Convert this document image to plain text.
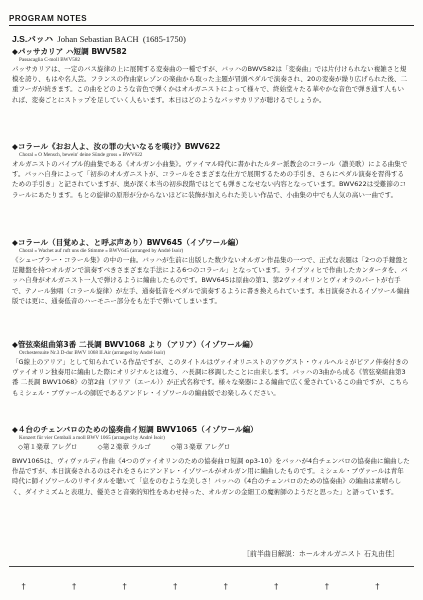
PROGRAM NOTES
J.S.バッハ Johan Sebastian BACH (1685-1750)
◆パッサカリア ハ短調 BWV582
Passacaglia C-moll BWV582
パッサカリアは、一定のバス旋律の上に展開する変奏曲の一種ですが、バッハのBWV582は「変奏曲」では片付けられない複雑さと規模を誇り、もはや名人芸。フランスの作曲家レゾンの楽曲から取った主題が冒頭ペダルで演奏され、20の変奏が繰り広げられた後、二重フーガが続きます。この曲をどのような音色で弾くかはオルガニストによって様々で、終始堂々たる華やかな音色で弾き通す人もいれば、変奏ごとにストップを足していく人もいます。本日はどのようなパッサカリアが聴けるでしょうか。
◆コラール《おお人よ、汝の罪の大いなるを嘆け》BWV622
Choral « O Mensch, bewein' deine Sünde gross » BWV622
オルガニストのバイブル的曲集である《オルガン小曲集》。ヴァイマル時代に書かれたルター派教会のコラール（讃美歌）による曲集です。バッハ自身によって「初歩のオルガニストが、コラールをさまざまな仕方で展開するための手引き、さらにペダル演奏を習得するための手引き」と記されていますが、奥が深く本当の初歩段階ではとても弾きこなせない内容となっています。BWV622は受難節のコラールにあたります。もとの旋律の原形が分からないほどに装飾が加えられた美しい作品で、小曲集の中でも人気の高い一曲です。
◆コラール（目覚めよ、と呼ぶ声あり）BWV645（イゾワール編）
Choral « Wachet auf ruft uns die Stimme » BWV645 (arranged by André Isoir)
《シューブラー・コラール集》の中の一曲。バッハが生前に出版した数少ないオルガン作品集の一つで、正式な表題は「2つの手鍵盤と足鍵盤を持つオルガンで演奏すべきさまざまな手法による6つのコラール」となっています。ライプツィヒで作曲したカンタータを、バッハ自身がオルガニスト一人で弾けるように編曲したものです。BWV645は原曲の第1、第2ヴァイオリンとヴィオラのパートが右手で、テノール独唱（コラール旋律）が左手、通奏低音をペダルで演奏するように書き換えられています。本日演奏されるイゾワール編曲版では更に、通奏低音のハーモニー部分をも左手で弾いてしまいます。
◆管弦楽組曲第3番 二長調 BWV1068 より（アリア）（イゾワール編）
Orchestersuite Nr.3 D-dur BWV 1068 II.Air (arranged by André Isoir)
「G線上のアリア」として知られている作品ですが、このタイトルはヴァイオリニストのアウグスト・ウィルヘルミがピアノ伴奏付きのヴァイオリン独奏用に編曲した際にオリジナルとは違う、ハ長調に移調したことに由来します。バッハの3曲から成る《管弦楽組曲第3番 二長調 BWV1068》の第2曲（アリア（エール））が正式名称です。様々な楽器による編曲で広く愛されているこの曲ですが、こちらもミシェル・ブヴァールの師匠であるアンドレ・イゾワールの編曲版でお楽しみください。
◆４台のチェンバロのための協奏曲イ短調 BWV1065（イゾワール編）
Konzert für vier Cembali a moll BWV 1065 (arranged by André Isoir)
◇第１楽章 アレグロ	◇第２楽章 ラルゴ	◇第３楽章 アレグロ
BWV1065は、ヴィヴァルディ作曲《4つのヴァイオリンのための協奏曲ロ短調 op3-10》をバッハが4台チェンバロの協奏曲に編曲した作品ですが、本日演奏されるのはそれをさらにアンドレ・イゾワールがオルガン用に編曲したものです。ミシェル・ブヴァールは青年時代に師イゾワールのリサイタルを聴いて「息をのむような美しさ！バッハの《4台のチェンバロのための協奏曲》の編曲は素晴らしく、ダイナミズムと表現力、優美さと音楽的知性をあわせ持った、オルガンの金細工の魔術師のようだと思った」と語っています。
［前半曲目解説：ホールオルガニスト 石丸由佳］
† † † † † † † †
